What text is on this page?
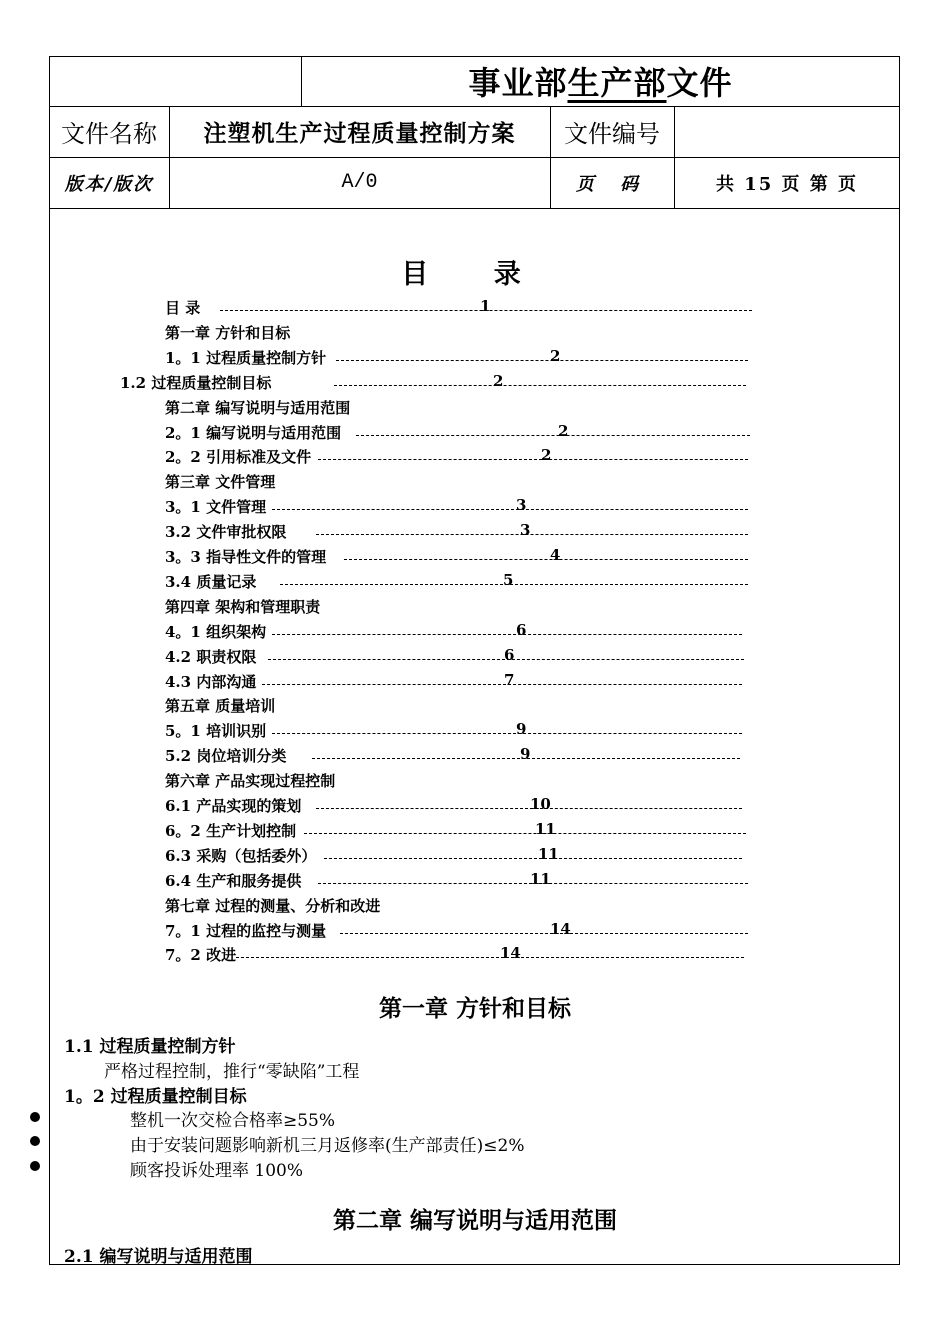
事业部 生产部 文件
文件名称	注塑机生产过程质量控制方案	文件编号
版本/版次	A/0	页 码	共 15 页 第 页
目 录
目 录	1
第一章 方针和目标
1。1 过程质量控制方针	2
1.2 过程质量控制目标	2
第二章 编写说明与适用范围
2。1 编写说明与适用范围	2
2。2 引用标准及文件	2
第三章 文件管理
3。1 文件管理	3
3.2 文件审批权限	3
3。3 指导性文件的管理	4
3.4 质量记录	5
第四章 架构和管理职责
4。1 组织架构	6
4.2 职责权限	6
4.3 内部沟通	7
第五章 质量培训
5。1 培训识别	9
5.2 岗位培训分类	9
第六章 产品实现过程控制
6.1 产品实现的策划	10
6。2 生产计划控制	11
6.3 采购（包括委外）	11
6.4 生产和服务提供	11
第七章 过程的测量、分析和改进
7。1 过程的监控与测量	14
7。2 改进	14
第一章 方针和目标
1.1 过程质量控制方针
严格过程控制，推行“零缺陷”工程
1。2 过程质量控制目标
整机一次交检合格率≥55%
由于安装问题影响新机三月返修率(生产部责任)≤2%
顾客投诉处理率 100%
第二章 编写说明与适用范围
2.1 编写说明与适用范围
